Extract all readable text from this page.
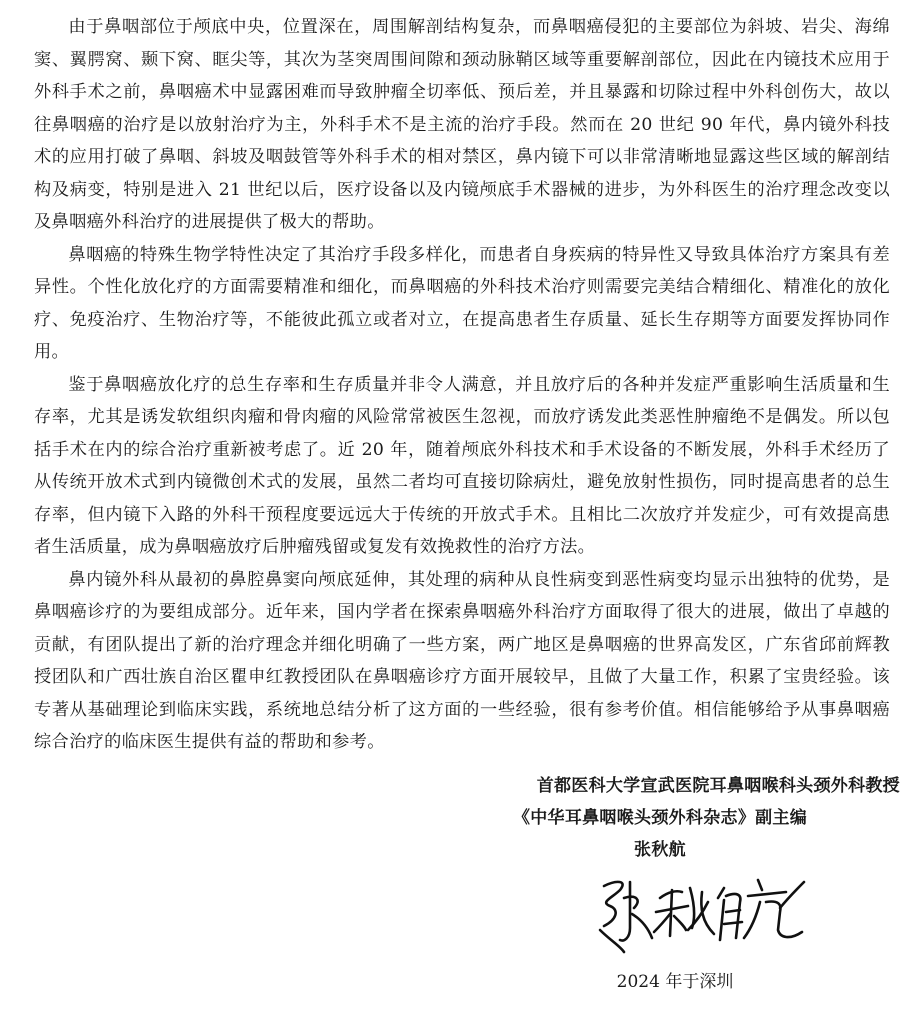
由于鼻咽部位于颅底中央，位置深在，周围解剖结构复杂，而鼻咽癌侵犯的主要部位为斜坡、岩尖、海绵窦、翼腭窝、颞下窝、眶尖等，其次为茎突周围间隙和颈动脉鞘区域等重要解剖部位，因此在内镜技术应用于外科手术之前，鼻咽癌术中显露困难而导致肿瘤全切率低、预后差，并且暴露和切除过程中外科创伤大，故以往鼻咽癌的治疗是以放射治疗为主，外科手术不是主流的治疗手段。然而在 20 世纪 90 年代，鼻内镜外科技术的应用打破了鼻咽、斜坡及咽鼓管等外科手术的相对禁区，鼻内镜下可以非常清晰地显露这些区域的解剖结构及病变，特别是进入 21 世纪以后，医疗设备以及内镜颅底手术器械的进步，为外科医生的治疗理念改变以及鼻咽癌外科治疗的进展提供了极大的帮助。

鼻咽癌的特殊生物学特性决定了其治疗手段多样化，而患者自身疾病的特异性又导致具体治疗方案具有差异性。个性化放化疗的方面需要精准和细化，而鼻咽癌的外科技术治疗则需要完美结合精细化、精准化的放化疗、免疫治疗、生物治疗等，不能彼此孤立或者对立，在提高患者生存质量、延长生存期等方面要发挥协同作用。

鉴于鼻咽癌放化疗的总生存率和生存质量并非令人满意，并且放疗后的各种并发症严重影响生活质量和生存率，尤其是诱发软组织肉瘤和骨肉瘤的风险常常被医生忽视，而放疗诱发此类恶性肿瘤绝不是偶发。所以包括手术在内的综合治疗重新被考虑了。近 20 年，随着颅底外科技术和手术设备的不断发展，外科手术经历了从传统开放术式到内镜微创术式的发展，虽然二者均可直接切除病灶，避免放射性损伤，同时提高患者的总生存率，但内镜下入路的外科干预程度要远远大于传统的开放式手术。且相比二次放疗并发症少，可有效提高患者生活质量，成为鼻咽癌放疗后肿瘤残留或复发有效挽救性的治疗方法。

鼻内镜外科从最初的鼻腔鼻窦向颅底延伸，其处理的病种从良性病变到恶性病变均显示出独特的优势，是鼻咽癌诊疗的为要组成部分。近年来，国内学者在探索鼻咽癌外科治疗方面取得了很大的进展，做出了卓越的贡献，有团队提出了新的治疗理念并细化明确了一些方案，两广地区是鼻咽癌的世界高发区，广东省邱前辉教授团队和广西壮族自治区瞿申红教授团队在鼻咽癌诊疗方面开展较早，且做了大量工作，积累了宝贵经验。该专著从基础理论到临床实践，系统地总结分析了这方面的一些经验，很有参考价值。相信能够给予从事鼻咽癌综合治疗的临床医生提供有益的帮助和参考。

首都医科大学宣武医院耳鼻咽喉科头颈外科教授
《中华耳鼻咽喉头颈外科杂志》副主编
张秋航
2024 年于深圳
